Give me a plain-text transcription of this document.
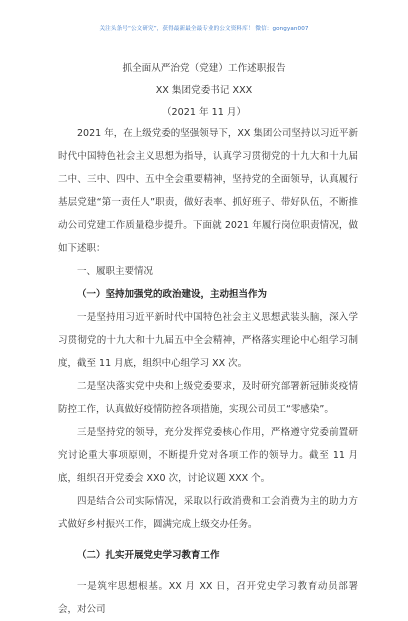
关注头条号“公文研究”，获得最新最全最专业的公文资料库！ 微信：gongyan007
抓全面从严治党（党建）工作述职报告
XX 集团党委书记 XXX
（2021 年 11 月）

2021 年，在上级党委的坚强领导下，XX 集团公司坚持以习近平新时代中国特色社会主义思想为指导，认真学习贯彻党的十九大和十九届二中、三中、四中、五中全会重要精神，坚持党的全面领导，认真履行基层党建“第一责任人”职责，做好表率、抓好班子、带好队伍，不断推动公司党建工作质量稳步提升。下面就 2021 年履行岗位职责情况，做如下述职：

一、履职主要情况

（一）坚持加强党的政治建设，主动担当作为

一是坚持用习近平新时代中国特色社会主义思想武装头脑，深入学习贯彻党的十九大和十九届五中全会精神，严格落实理论中心组学习制度，截至 11 月底，组织中心组学习 XX 次。

二是坚决落实党中央和上级党委要求，及时研究部署新冠肺炎疫情防控工作，认真做好疫情防控各项措施，实现公司员工“零感染”。

三是坚持党的领导，充分发挥党委核心作用，严格遵守党委前置研究讨论重大事项原则，不断提升党对各项工作的领导力。截至 11 月底，组织召开党委会 XX0 次，讨论议题 XXX 个。

四是结合公司实际情况，采取以行政消费和工会消费为主的助力方式做好乡村振兴工作，圆满完成上级交办任务。

（二）扎实开展党史学习教育工作

一是筑牢思想根基。XX 月 XX 日，召开党史学习教育动员部署会，对公司
